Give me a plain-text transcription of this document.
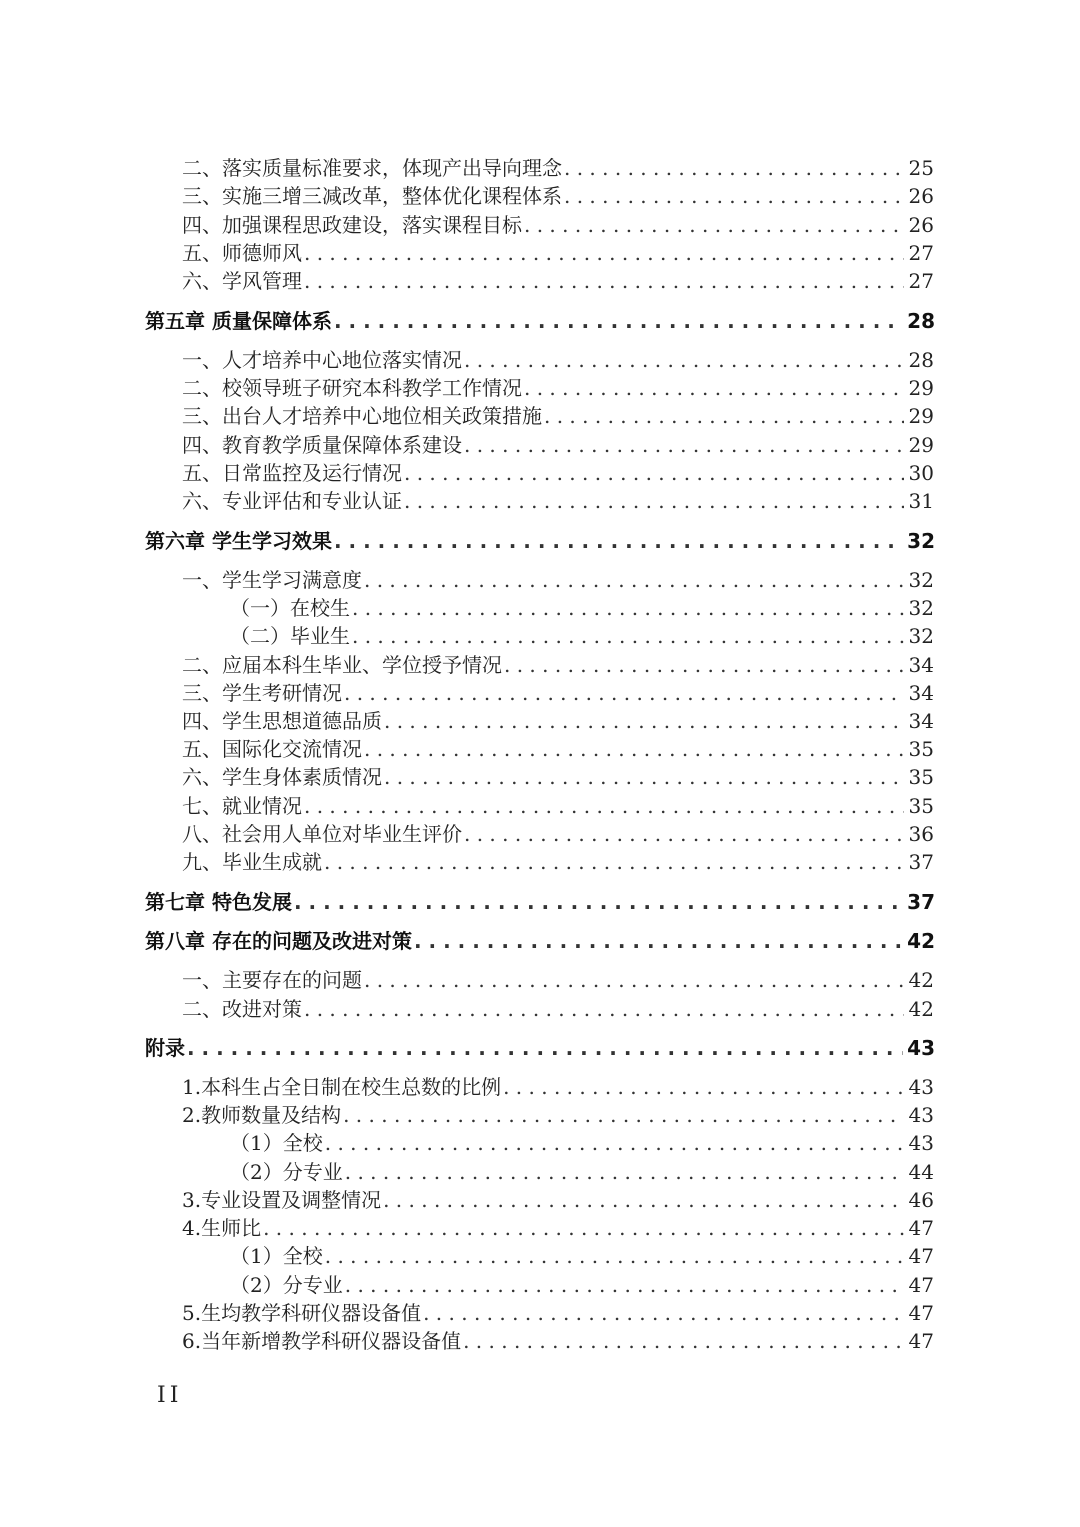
二、落实质量标准要求，体现产出导向理念 . . .	25
三、实施三增三减改革，整体优化课程体系 . . .	26
四、加强课程思政建设，落实课程目标 . . .	26
五、师德师风 . . .	27
六、学风管理 . . .	27
第五章 质量保障体系 . . .	28
一、人才培养中心地位落实情况 . . .	28
二、校领导班子研究本科教学工作情况 . . .	29
三、出台人才培养中心地位相关政策措施 . . .	29
四、教育教学质量保障体系建设 . . .	29
五、日常监控及运行情况 . . .	30
六、专业评估和专业认证 . . .	31
第六章 学生学习效果 . . .	32
一、学生学习满意度 . . .	32
（一）在校生 . . .	32
（二）毕业生 . . .	32
二、应届本科生毕业、学位授予情况 . . .	34
三、学生考研情况 . . .	34
四、学生思想道德品质 . . .	34
五、国际化交流情况 . . .	35
六、学生身体素质情况 . . .	35
七、就业情况 . . .	35
八、社会用人单位对毕业生评价 . . .	36
九、毕业生成就 . . .	37
第七章 特色发展 . . .	37
第八章 存在的问题及改进对策 . . .	42
一、主要存在的问题 . . .	42
二、改进对策 . . .	42
附录 . . .	43
1.本科生占全日制在校生总数的比例 . . .	43
2.教师数量及结构 . . .	43
（1）全校 . . .	43
（2）分专业 . . .	44
3.专业设置及调整情况 . . .	46
4.生师比 . . .	47
（1）全校 . . .	47
（2）分专业 . . .	47
5.生均教学科研仪器设备值 . . .	47
6.当年新增教学科研仪器设备值 . . .	47
II
